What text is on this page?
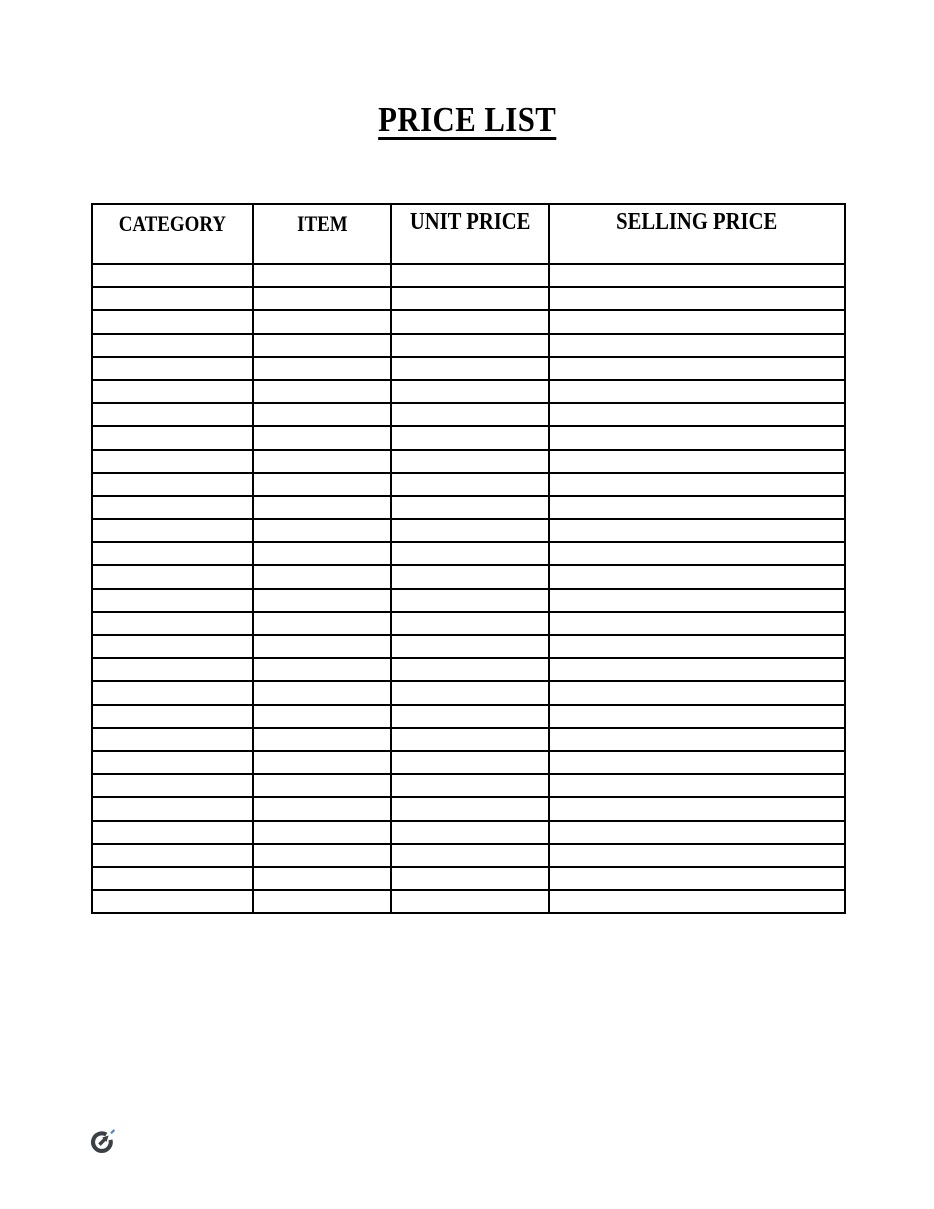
PRICE LIST
CATEGORY	ITEM	UNIT PRICE	SELLING PRICE
